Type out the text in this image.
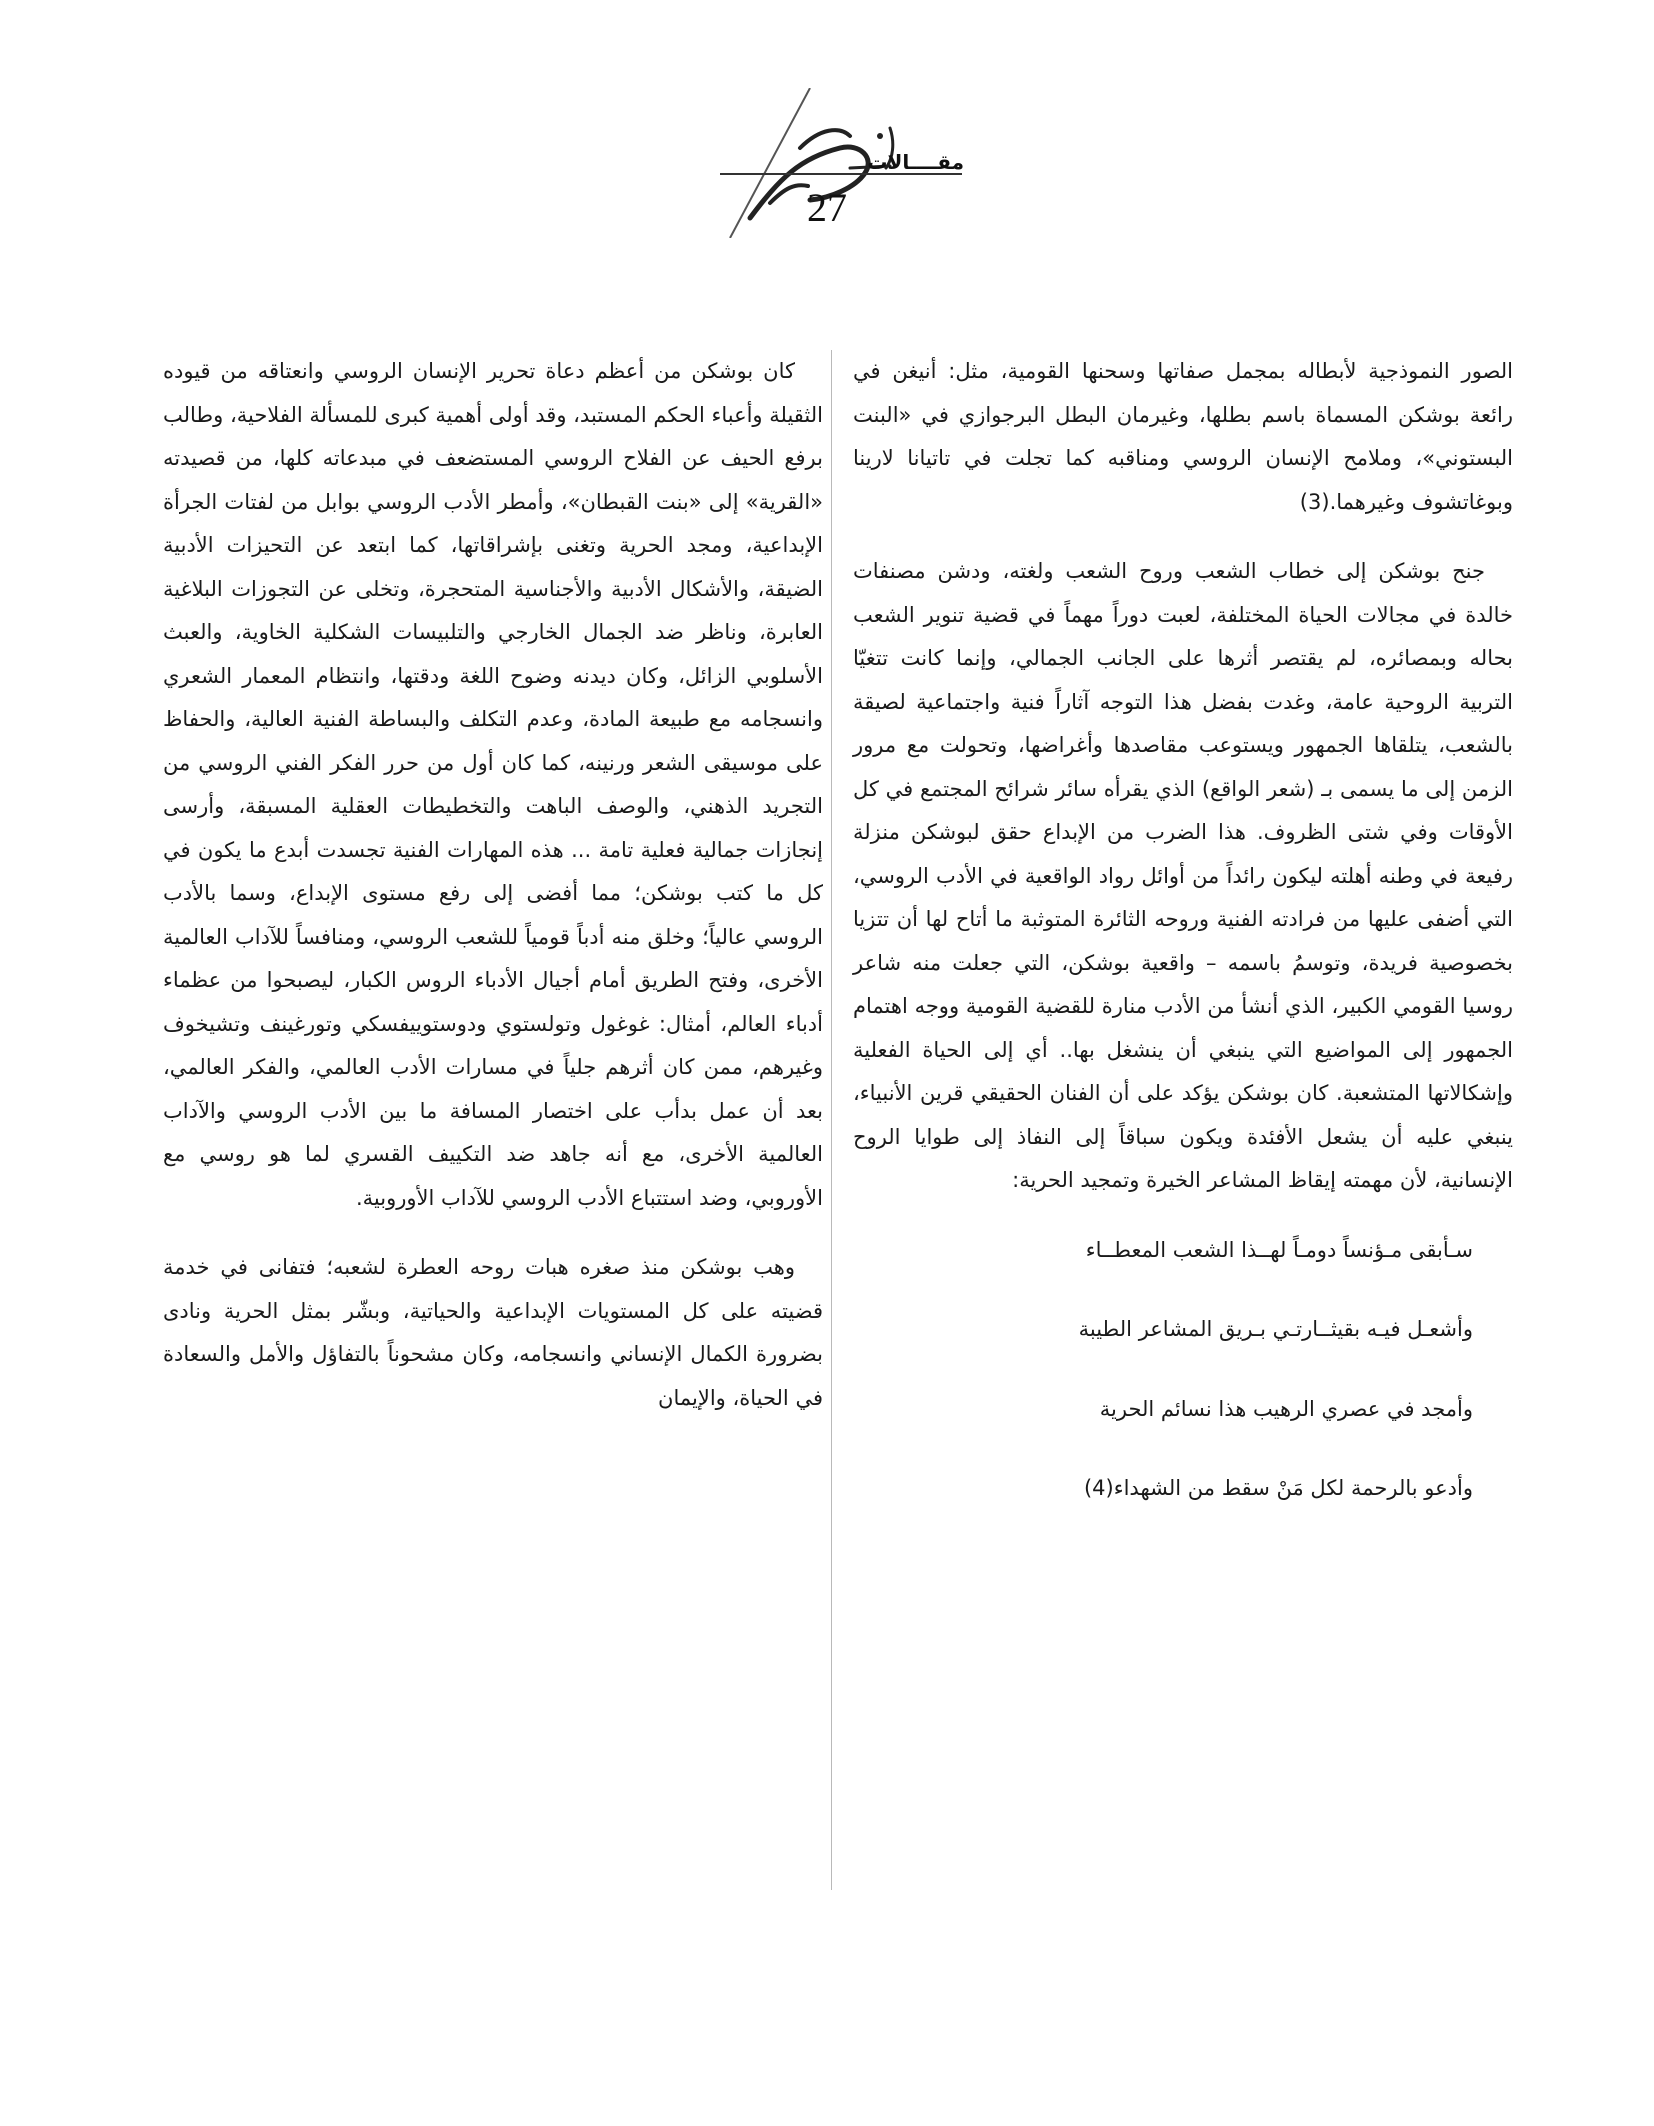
مقــــالات
27

الصور النموذجية لأبطاله بمجمل صفاتها وسحنها القومية، مثل: أنيغن في رائعة بوشكن المسماة باسم بطلها، وغيرمان البطل البرجوازي في «البنت البستوني»، وملامح الإنسان الروسي ومناقبه كما تجلت في تاتيانا لارينا وبوغاتشوف وغيرهما.(3)

جنح بوشكن إلى خطاب الشعب وروح الشعب ولغته، ودشن مصنفات خالدة في مجالات الحياة المختلفة، لعبت دوراً مهماً في قضية تنوير الشعب بحاله وبمصائره، لم يقتصر أثرها على الجانب الجمالي، وإنما كانت تتغيّا التربية الروحية عامة، وغدت بفضل هذا التوجه آثاراً فنية واجتماعية لصيقة بالشعب، يتلقاها الجمهور ويستوعب مقاصدها وأغراضها، وتحولت مع مرور الزمن إلى ما يسمى بـ (شعر الواقع) الذي يقرأه سائر شرائح المجتمع في كل الأوقات وفي شتى الظروف. هذا الضرب من الإبداع حقق لبوشكن منزلة رفيعة في وطنه أهلته ليكون رائداً من أوائل رواد الواقعية في الأدب الروسي، التي أضفى عليها من فرادته الفنية وروحه الثائرة المتوثبة ما أتاح لها أن تتزيا بخصوصية فريدة، وتوسمُ باسمه – واقعية بوشكن، التي جعلت منه شاعر روسيا القومي الكبير، الذي أنشأ من الأدب منارة للقضية القومية ووجه اهتمام الجمهور إلى المواضيع التي ينبغي أن ينشغل بها.. أي إلى الحياة الفعلية وإشكالاتها المتشعبة. كان بوشكن يؤكد على أن الفنان الحقيقي قرين الأنبياء، ينبغي عليه أن يشعل الأفئدة ويكون سباقاً إلى النفاذ إلى طوايا الروح الإنسانية، لأن مهمته إيقاظ المشاعر الخيرة وتمجيد الحرية:

سـأبقى مـؤنساً دومـاً لهــذا الشعب المعطــاء
وأشعـل فيـه بقيثــارتـي بـريق المشاعر الطيبة
وأمجد في عصري الرهيب هذا نسائم الحرية
وأدعو بالرحمة لكل مَنْ سقط من الشهداء(4)

كان بوشكن من أعظم دعاة تحرير الإنسان الروسي وانعتاقه من قيوده الثقيلة وأعباء الحكم المستبد، وقد أولى أهمية كبرى للمسألة الفلاحية، وطالب برفع الحيف عن الفلاح الروسي المستضعف في مبدعاته كلها، من قصيدته «القرية» إلى «بنت القبطان»، وأمطر الأدب الروسي بوابل من لفتات الجرأة الإبداعية، ومجد الحرية وتغنى بإشراقاتها، كما ابتعد عن التحيزات الأدبية الضيقة، والأشكال الأدبية والأجناسية المتحجرة، وتخلى عن التجوزات البلاغية العابرة، وناظر ضد الجمال الخارجي والتلبيسات الشكلية الخاوية، والعبث الأسلوبي الزائل، وكان ديدنه وضوح اللغة ودقتها، وانتظام المعمار الشعري وانسجامه مع طبيعة المادة، وعدم التكلف والبساطة الفنية العالية، والحفاظ على موسيقى الشعر ورنينه، كما كان أول من حرر الفكر الفني الروسي من التجريد الذهني، والوصف الباهت والتخطيطات العقلية المسبقة، وأرسى إنجازات جمالية فعلية تامة ... هذه المهارات الفنية تجسدت أبدع ما يكون في كل ما كتب بوشكن؛ مما أفضى إلى رفع مستوى الإبداع، وسما بالأدب الروسي عالياً؛ وخلق منه أدباً قومياً للشعب الروسي، ومنافساً للآداب العالمية الأخرى، وفتح الطريق أمام أجيال الأدباء الروس الكبار، ليصبحوا من عظماء أدباء العالم، أمثال: غوغول وتولستوي ودوستوييفسكي وتورغينف وتشيخوف وغيرهم، ممن كان أثرهم جلياً في مسارات الأدب العالمي، والفكر العالمي، بعد أن عمل بدأب على اختصار المسافة ما بين الأدب الروسي والآداب العالمية الأخرى، مع أنه جاهد ضد التكييف القسري لما هو روسي مع الأوروبي، وضد استتباع الأدب الروسي للآداب الأوروبية.

وهب بوشكن منذ صغره هبات روحه العطرة لشعبه؛ فتفانى في خدمة قضيته على كل المستويات الإبداعية والحياتية، وبشّر بمثل الحرية ونادى بضرورة الكمال الإنساني وانسجامه، وكان مشحوناً بالتفاؤل والأمل والسعادة في الحياة، والإيمان
